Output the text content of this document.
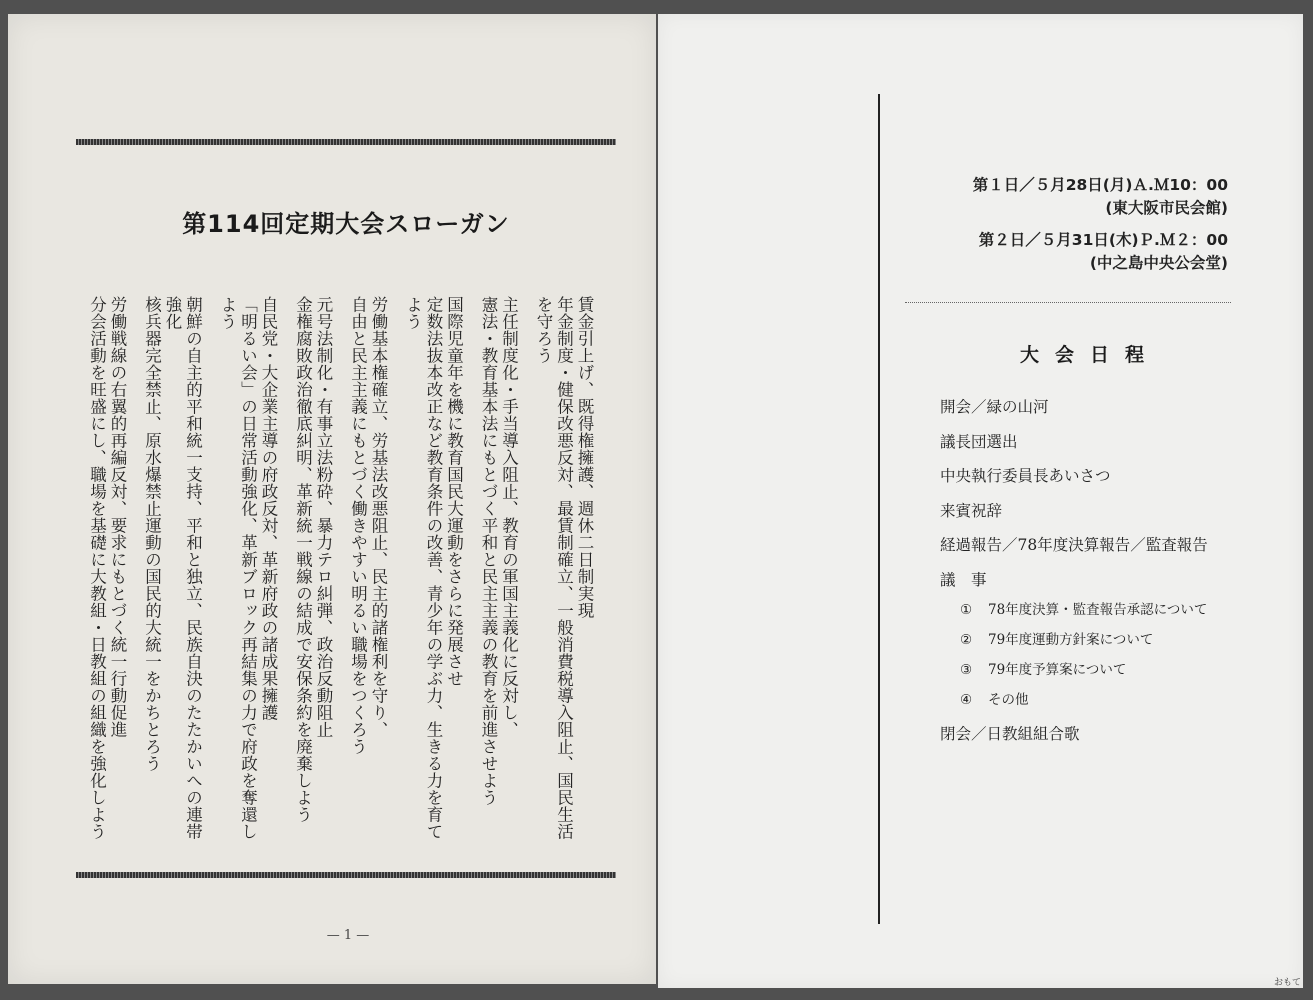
第114回定期大会スローガン
賃金引上げ、既得権擁護、週休二日制実現
年金制度・健保改悪反対、最賃制確立、一般消費税導入阻止、国民生活を守ろう
主任制度化・手当導入阻止、教育の軍国主義化に反対し、
憲法・教育基本法にもとづく平和と民主主義の教育を前進させよう
国際児童年を機に教育国民大運動をさらに発展させ
定数法抜本改正など教育条件の改善、青少年の学ぶ力、生きる力を育てよう
労働基本権確立、労基法改悪阻止、民主的諸権利を守り、
自由と民主主義にもとづく働きやすい明るい職場をつくろう
元号法制化・有事立法粉砕、暴力テロ糾弾、政治反動阻止
金権腐敗政治徹底糾明、革新統一戦線の結成で安保条約を廃棄しよう
自民党・大企業主導の府政反対、革新府政の諸成果擁護
「明るい会」の日常活動強化、革新ブロック再結集の力で府政を奪還しよう
朝鮮の自主的平和統一支持、平和と独立、民族自決のたたかいへの連帯強化
核兵器完全禁止、原水爆禁止運動の国民的大統一をかちとろう
労働戦線の右翼的再編反対、要求にもとづく統一行動促進
分会活動を旺盛にし、職場を基礎に大教組・日教組の組織を強化しよう
— 1 —
第１日／５月28日(月)Ａ.Ｍ10：00
(東大阪市民会館)
第２日／５月31日(木)Ｐ.Ｍ２：00
(中之島中央公会堂)
大会日程
開会／緑の山河
議長団選出
中央執行委員長あいさつ
来賓祝辞
経過報告／78年度決算報告／監査報告
議　事
① 78年度決算・監査報告承認について
② 79年度運動方針案について
③ 79年度予算案について
④ その他
閉会／日教組組合歌
おもて
